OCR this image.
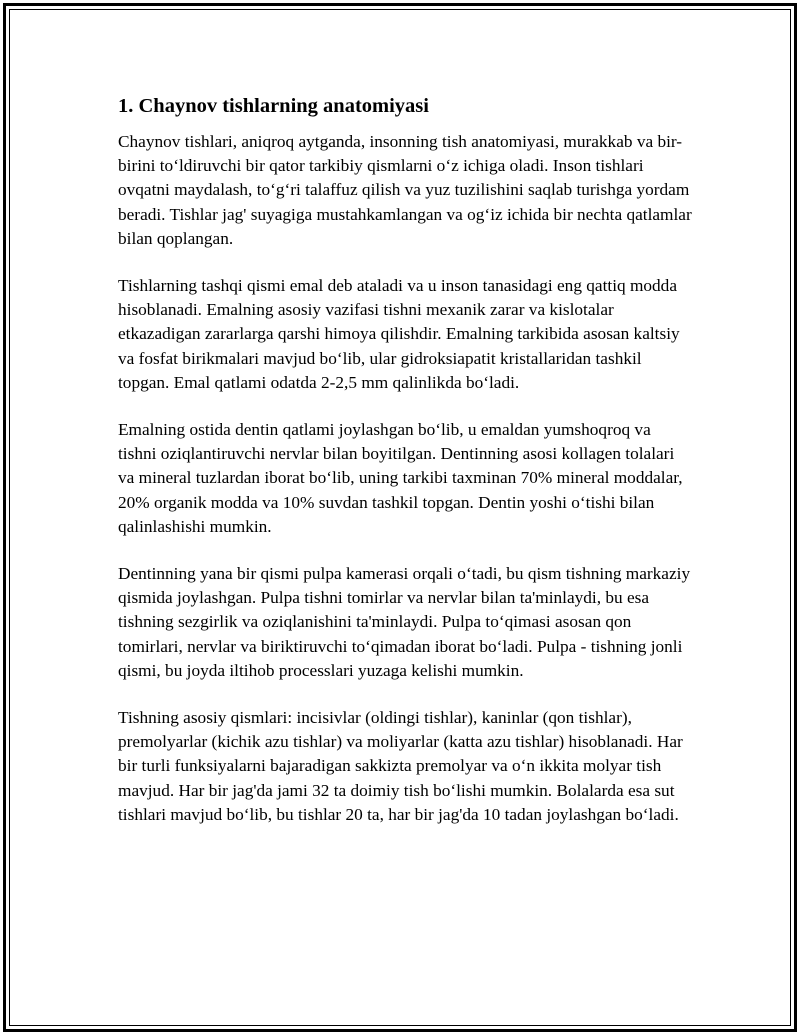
1. Chaynov tishlarning anatomiyasi

Chaynov tishlari, aniqroq aytganda, insonning tish anatomiyasi, murakkab va bir-birini toʻldiruvchi bir qator tarkibiy qismlarni oʻz ichiga oladi. Inson tishlari ovqatni maydalash, toʻgʻri talaffuz qilish va yuz tuzilishini saqlab turishga yordam beradi. Tishlar jag' suyagiga mustahkamlangan va ogʻiz ichida bir nechta qatlamlar bilan qoplangan.

Tishlarning tashqi qismi emal deb ataladi va u inson tanasidagi eng qattiq modda hisoblanadi. Emalning asosiy vazifasi tishni mexanik zarar va kislotalar etkazadigan zararlarga qarshi himoya qilishdir. Emalning tarkibida asosan kaltsiy va fosfat birikmalari mavjud boʻlib, ular gidroksiapatit kristallaridan tashkil topgan. Emal qatlami odatda 2-2,5 mm qalinlikda boʻladi.

Emalning ostida dentin qatlami joylashgan boʻlib, u emaldan yumshoqroq va tishni oziqlantiruvchi nervlar bilan boyitilgan. Dentinning asosi kollagen tolalari va mineral tuzlardan iborat boʻlib, uning tarkibi taxminan 70% mineral moddalar, 20% organik modda va 10% suvdan tashkil topgan. Dentin yoshi oʻtishi bilan qalinlashishi mumkin.

Dentinning yana bir qismi pulpa kamerasi orqali oʻtadi, bu qism tishning markaziy qismida joylashgan. Pulpa tishni tomirlar va nervlar bilan ta'minlaydi, bu esa tishning sezgirlik va oziqlanishini ta'minlaydi. Pulpa toʻqimasi asosan qon tomirlari, nervlar va biriktiruvchi toʻqimadan iborat boʻladi. Pulpa - tishning jonli qismi, bu joyda iltihob processlari yuzaga kelishi mumkin.

Tishning asosiy qismlari: incisivlar (oldingi tishlar), kaninlar (qon tishlar), premolyarlar (kichik azu tishlar) va moliyarlar (katta azu tishlar) hisoblanadi. Har bir turli funksiyalarni bajaradigan sakkizta premolyar va oʻn ikkita molyar tish mavjud. Har bir jag'da jami 32 ta doimiy tish boʻlishi mumkin. Bolalarda esa sut tishlari mavjud boʻlib, bu tishlar 20 ta, har bir jag'da 10 tadan joylashgan boʻladi.
